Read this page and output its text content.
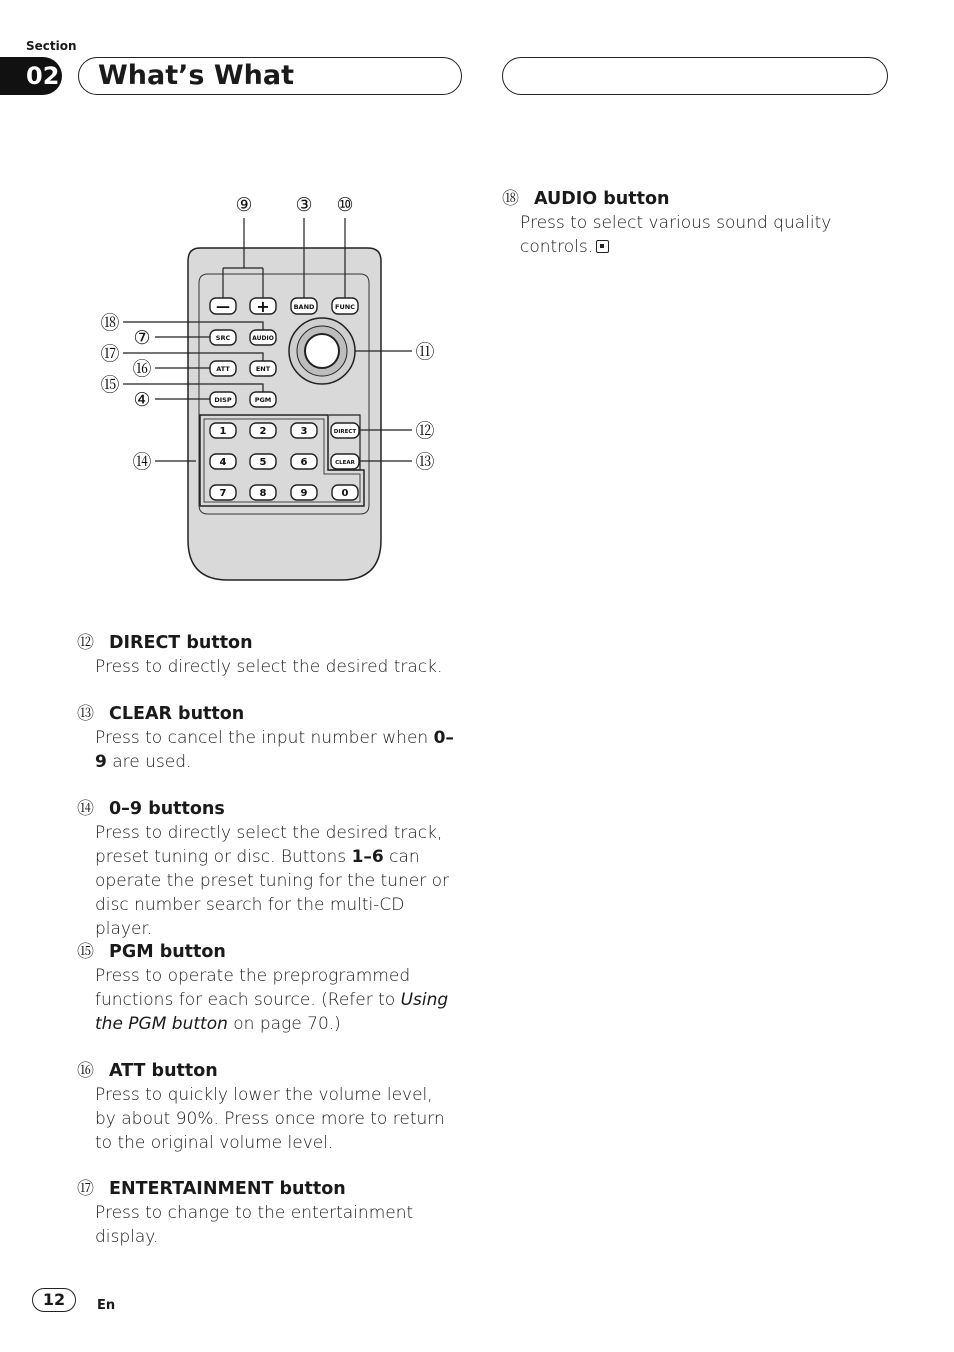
Section
02 What’s What
⑨ ③ ⑩
⑱
⑦
⑰
⑯
⑮
④
⑭
⑪
⑫
⑬
— +	BAND	FUNC
SRC	AUDIO
ATT	ENT
DISP	PGM
DIRECT
CLEAR
1	2	3
4	5	6
7	8	9	0
⑱ AUDIO button
Press to select various sound quality controls.
⑫ DIRECT button
Press to directly select the desired track.
⑬ CLEAR button
Press to cancel the input number when 0–9 are used.
⑭ 0–9 buttons
Press to directly select the desired track, preset tuning or disc. Buttons 1–6 can operate the preset tuning for the tuner or disc number search for the multi-CD player.
⑮ PGM button
Press to operate the preprogrammed functions for each source. (Refer to Using the PGM button on page 70.)
⑯ ATT button
Press to quickly lower the volume level, by about 90%. Press once more to return to the original volume level.
⑰ ENTERTAINMENT button
Press to change to the entertainment display.
12	En
